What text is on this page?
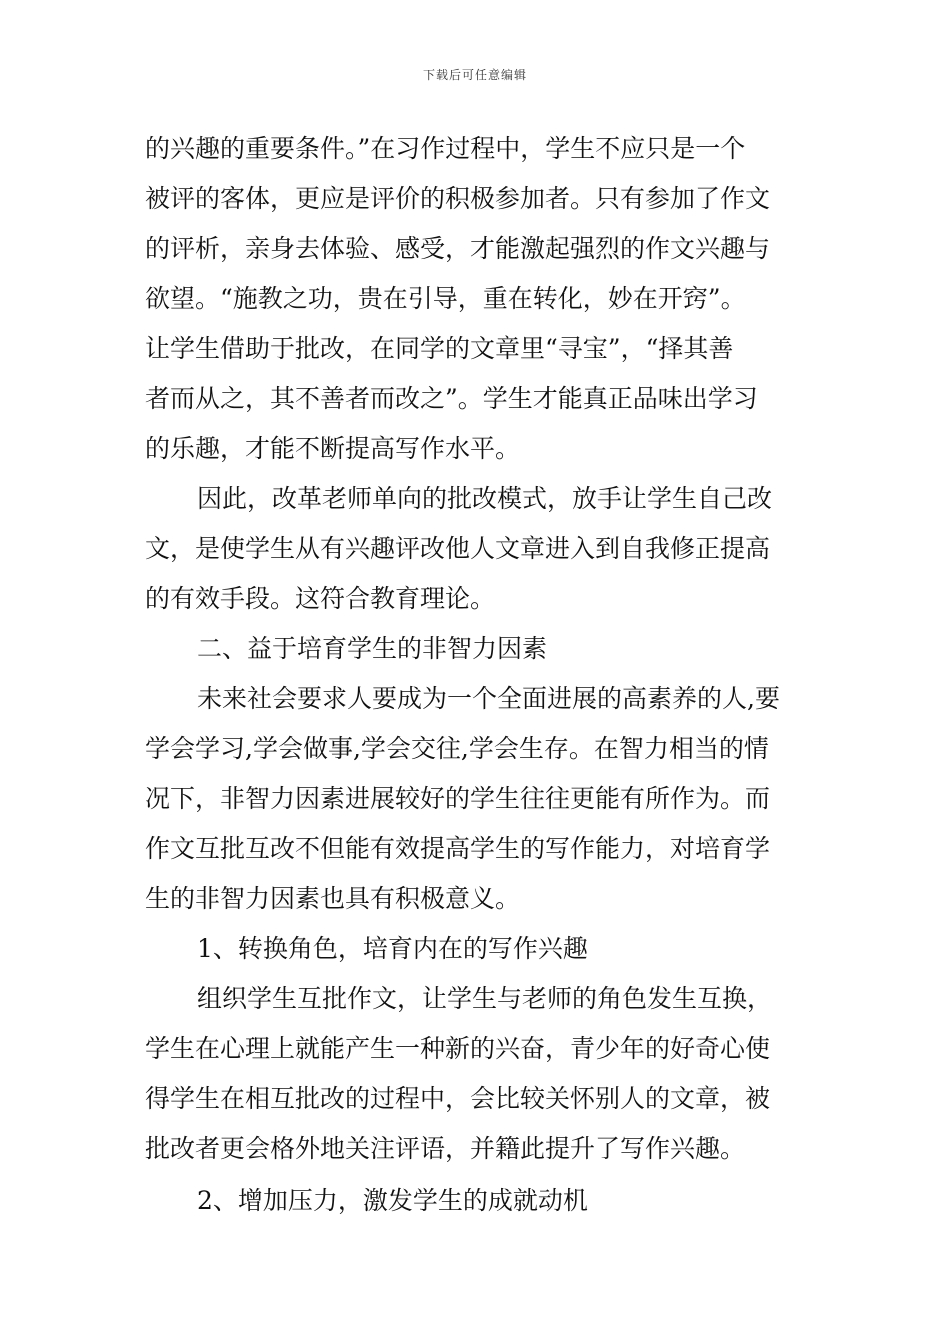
下载后可任意编辑
的兴趣的重要条件。”在习作过程中，学生不应只是一个
被评的客体，更应是评价的积极参加者。只有参加了作文
的评析，亲身去体验、感受，才能激起强烈的作文兴趣与
欲望。“施教之功，贵在引导，重在转化，妙在开窍”。
让学生借助于批改，在同学的文章里“寻宝”，“择其善
者而从之，其不善者而改之”。学生才能真正品味出学习
的乐趣，才能不断提高写作水平。
因此，改革老师单向的批改模式，放手让学生自己改
文，是使学生从有兴趣评改他人文章进入到自我修正提高
的有效手段。这符合教育理论。
二、益于培育学生的非智力因素
未来社会要求人要成为一个全面进展的高素养的人,要
学会学习,学会做事,学会交往,学会生存。在智力相当的情
况下，非智力因素进展较好的学生往往更能有所作为。而
作文互批互改不但能有效提高学生的写作能力，对培育学
生的非智力因素也具有积极意义。
1、转换角色，培育内在的写作兴趣
组织学生互批作文，让学生与老师的角色发生互换，
学生在心理上就能产生一种新的兴奋，青少年的好奇心使
得学生在相互批改的过程中，会比较关怀别人的文章，被
批改者更会格外地关注评语，并籍此提升了写作兴趣。
2、增加压力，激发学生的成就动机
